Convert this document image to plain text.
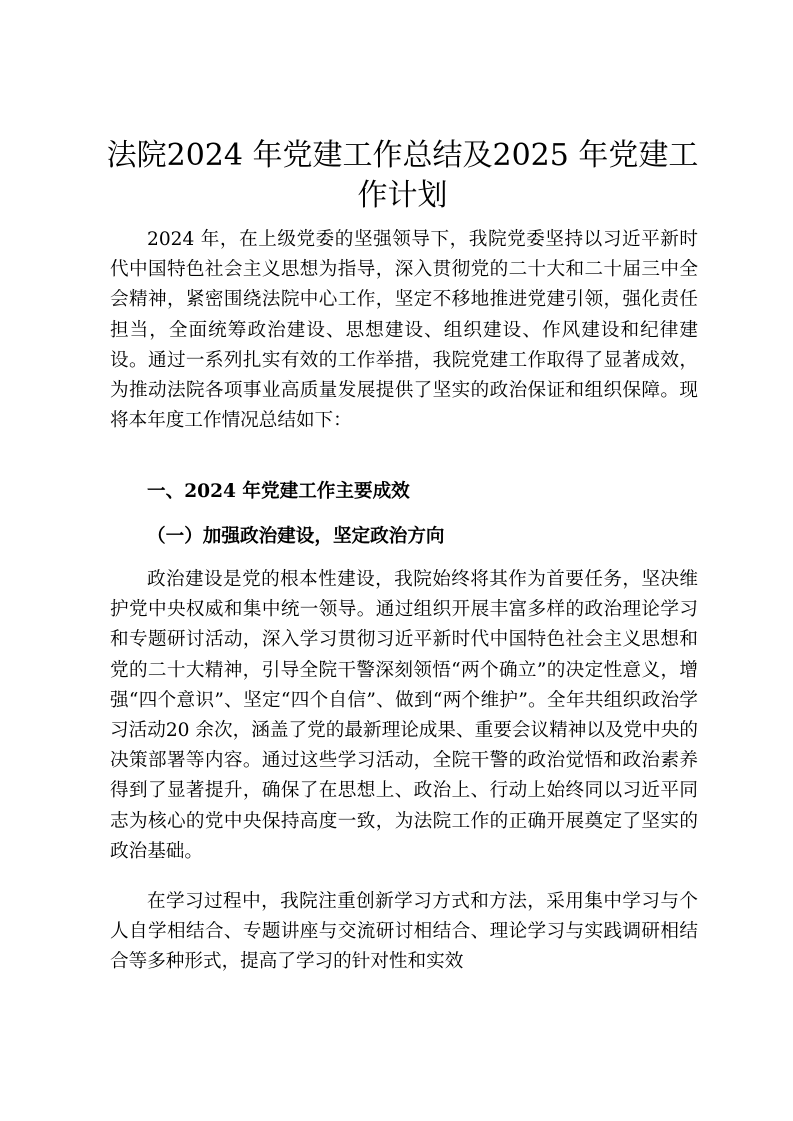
法院2024 年党建工作总结及2025 年党建工作计划
2024 年，在上级党委的坚强领导下，我院党委坚持以习近平新时代中国特色社会主义思想为指导，深入贯彻党的二十大和二十届三中全会精神，紧密围绕法院中心工作，坚定不移地推进党建引领，强化责任担当，全面统筹政治建设、思想建设、组织建设、作风建设和纪律建设。通过一系列扎实有效的工作举措，我院党建工作取得了显著成效，为推动法院各项事业高质量发展提供了坚实的政治保证和组织保障。现将本年度工作情况总结如下：
一、2024 年党建工作主要成效
（一）加强政治建设，坚定政治方向
政治建设是党的根本性建设，我院始终将其作为首要任务，坚决维护党中央权威和集中统一领导。通过组织开展丰富多样的政治理论学习和专题研讨活动，深入学习贯彻习近平新时代中国特色社会主义思想和党的二十大精神，引导全院干警深刻领悟“两个确立”的决定性意义，增强“四个意识”、坚定“四个自信”、做到“两个维护”。全年共组织政治学习活动20 余次，涵盖了党的最新理论成果、重要会议精神以及党中央的决策部署等内容。通过这些学习活动，全院干警的政治觉悟和政治素养得到了显著提升，确保了在思想上、政治上、行动上始终同以习近平同志为核心的党中央保持高度一致，为法院工作的正确开展奠定了坚实的政治基础。
在学习过程中，我院注重创新学习方式和方法，采用集中学习与个人自学相结合、专题讲座与交流研讨相结合、理论学习与实践调研相结合等多种形式，提高了学习的针对性和实效
